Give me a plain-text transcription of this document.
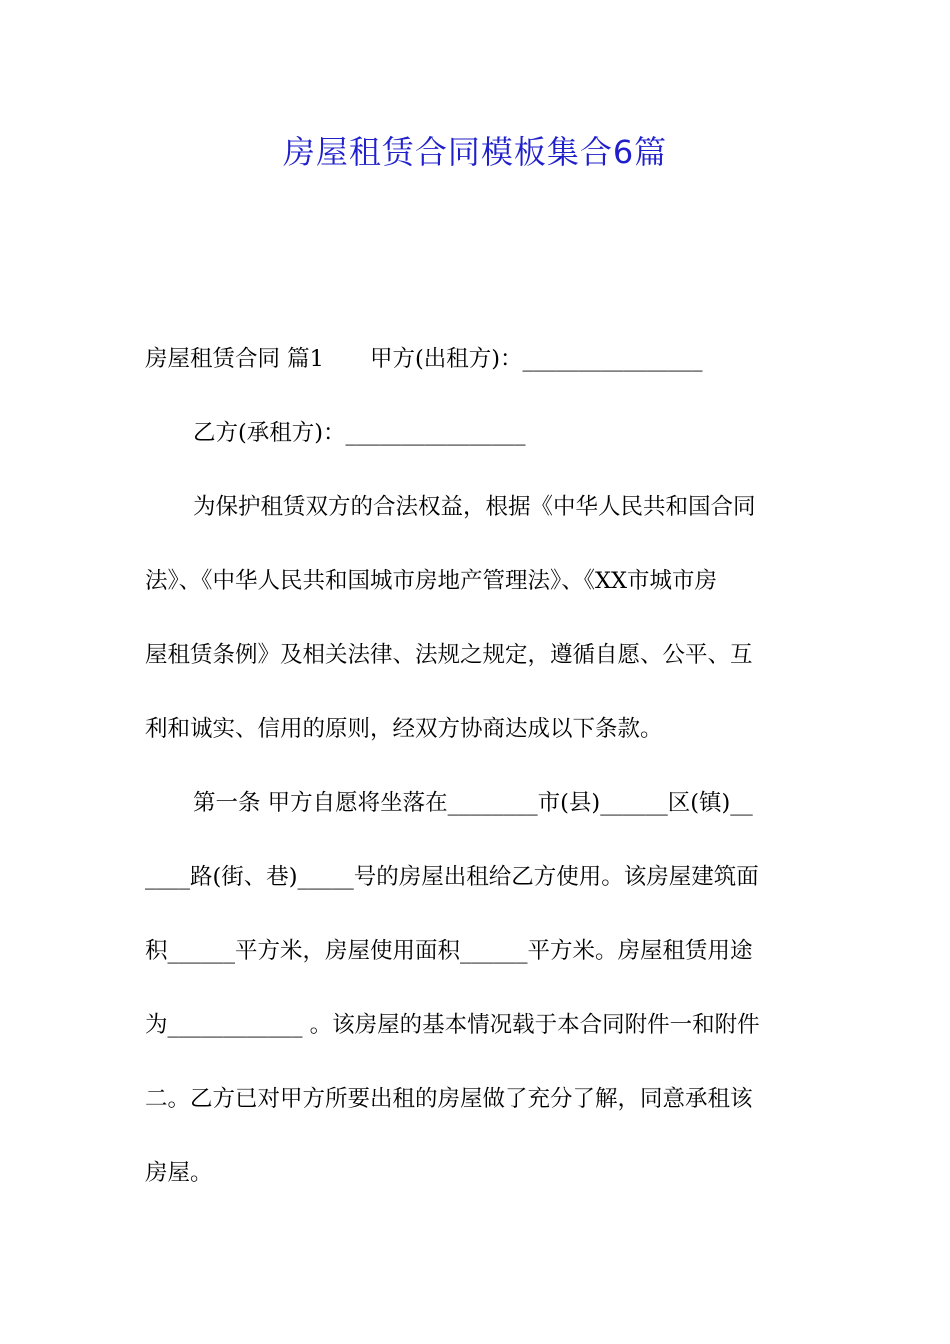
房屋租赁合同模板集合6篇
房屋租赁合同 篇1 甲方(出租方)：________________
乙方(承租方)：________________
为保护租赁双方的合法权益，根据《中华人民共和国合同
法》、《中华人民共和国城市房地产管理法》、《XX市城市房
屋租赁条例》及相关法律、法规之规定，遵循自愿、公平、互
利和诚实、信用的原则，经双方协商达成以下条款。
第一条 甲方自愿将坐落在________市(县)______区(镇)__
____路(街、巷)_____号的房屋出租给乙方使用。该房屋建筑面
积______平方米，房屋使用面积______平方米。房屋租赁用途
为____________ 。该房屋的基本情况载于本合同附件一和附件
二。乙方已对甲方所要出租的房屋做了充分了解，同意承租该
房屋。
